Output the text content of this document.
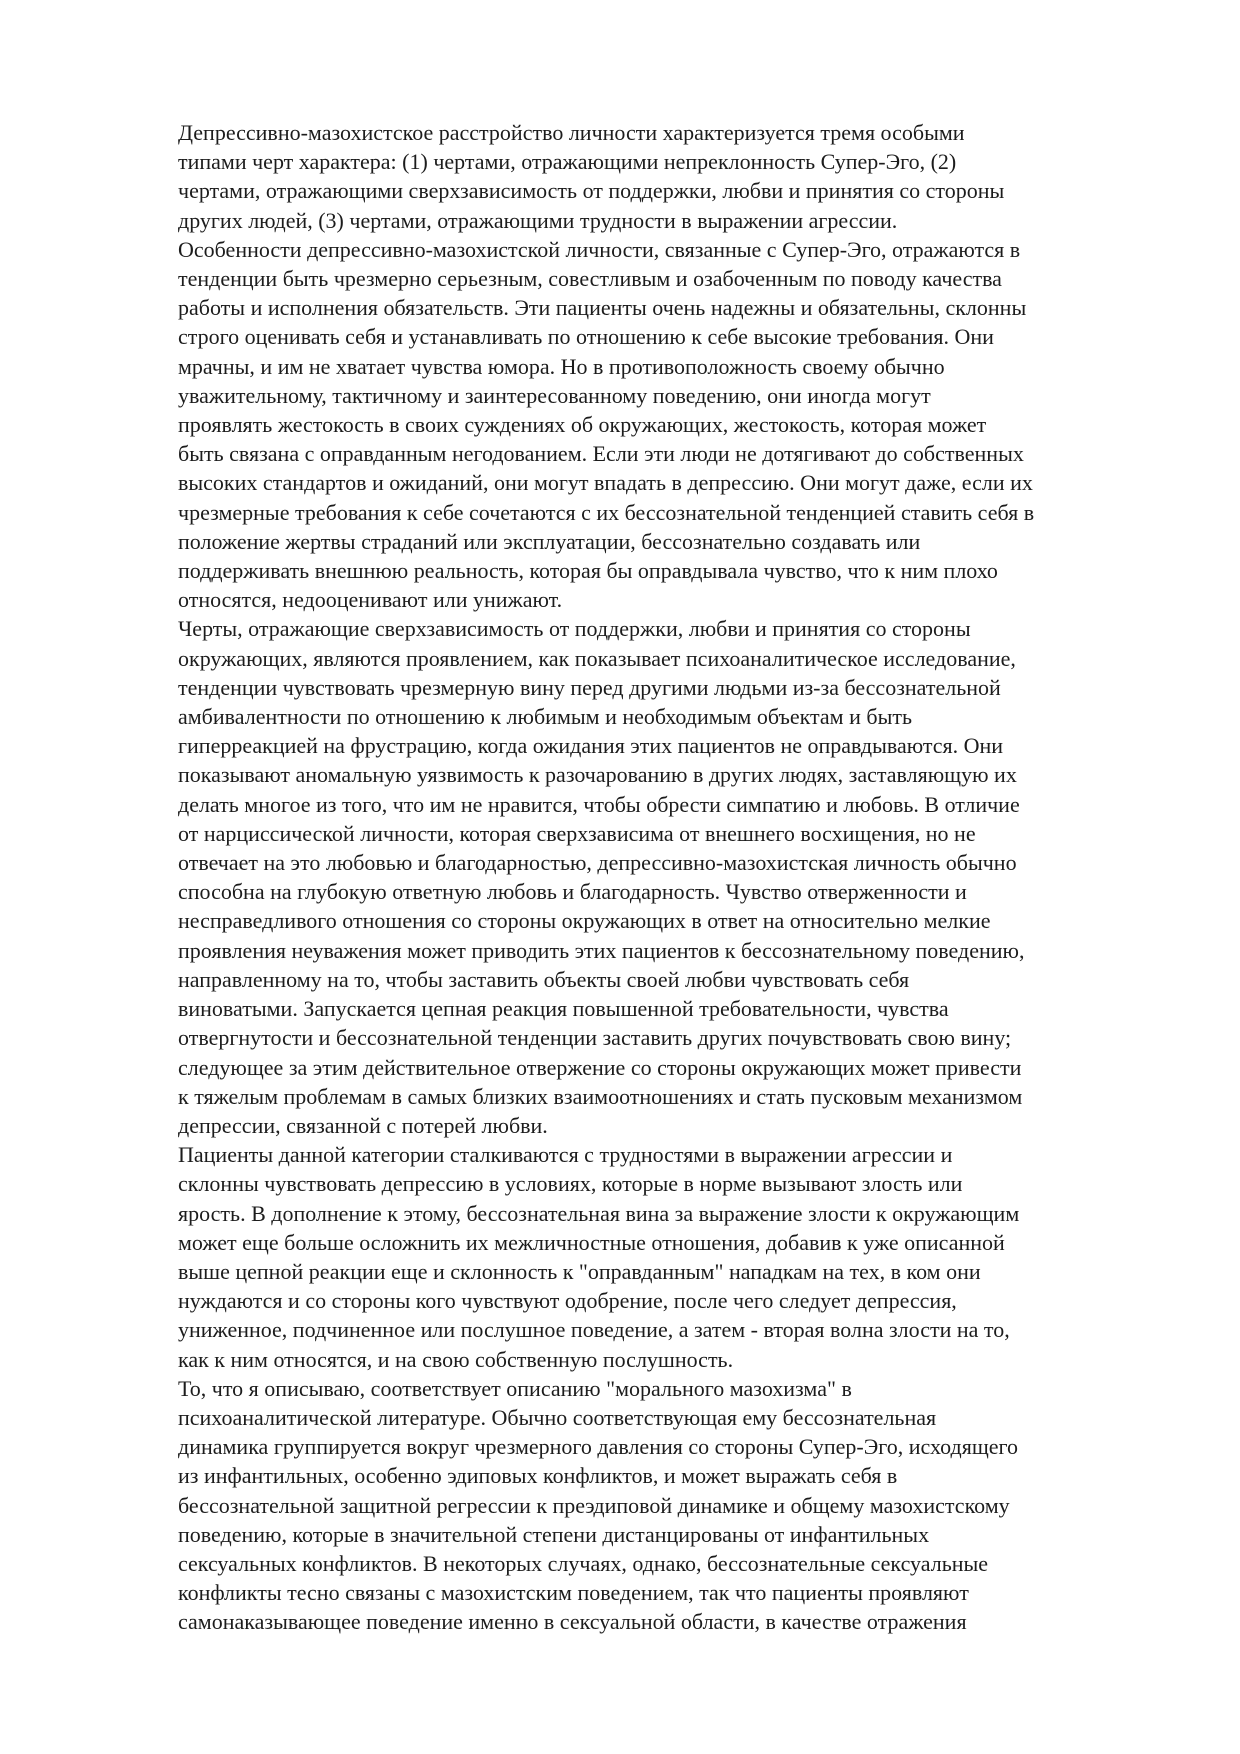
Депрессивно-мазохистское расстройство личности характеризуется тремя особыми
типами черт характера: (1) чертами, отражающими непреклонность Супер-Эго, (2)
чертами, отражающими сверхзависимость от поддержки, любви и принятия со стороны
других людей, (3) чертами, отражающими трудности в выражении агрессии.
Особенности депрессивно-мазохистской личности, связанные с Супер-Эго, отражаются в
тенденции быть чрезмерно серьезным, совестливым и озабоченным по поводу качества
работы и исполнения обязательств. Эти пациенты очень надежны и обязательны, склонны
строго оценивать себя и устанавливать по отношению к себе высокие требования. Они
мрачны, и им не хватает чувства юмора. Но в противоположность своему обычно
уважительному, тактичному и заинтересованному поведению, они иногда могут
проявлять жестокость в своих суждениях об окружающих, жестокость, которая может
быть связана с оправданным негодованием. Если эти люди не дотягивают до собственных
высоких стандартов и ожиданий, они могут впадать в депрессию. Они могут даже, если их
чрезмерные требования к себе сочетаются с их бессознательной тенденцией ставить себя в
положение жертвы страданий или эксплуатации, бессознательно создавать или
поддерживать внешнюю реальность, которая бы оправдывала чувство, что к ним плохо
относятся, недооценивают или унижают.
Черты, отражающие сверхзависимость от поддержки, любви и принятия со стороны
окружающих, являются проявлением, как показывает психоаналитическое исследование,
тенденции чувствовать чрезмерную вину перед другими людьми из-за бессознательной
амбивалентности по отношению к любимым и необходимым объектам и быть
гиперреакцией на фрустрацию, когда ожидания этих пациентов не оправдываются. Они
показывают аномальную уязвимость к разочарованию в других людях, заставляющую их
делать многое из того, что им не нравится, чтобы обрести симпатию и любовь. В отличие
от нарциссической личности, которая сверхзависима от внешнего восхищения, но не
отвечает на это любовью и благодарностью, депрессивно-мазохистская личность обычно
способна на глубокую ответную любовь и благодарность. Чувство отверженности и
несправедливого отношения со стороны окружающих в ответ на относительно мелкие
проявления неуважения может приводить этих пациентов к бессознательному поведению,
направленному на то, чтобы заставить объекты своей любви чувствовать себя
виноватыми. Запускается цепная реакция повышенной требовательности, чувства
отвергнутости и бессознательной тенденции заставить других почувствовать свою вину;
следующее за этим действительное отвержение со стороны окружающих может привести
к тяжелым проблемам в самых близких взаимоотношениях и стать пусковым механизмом
депрессии, связанной с потерей любви.
Пациенты данной категории сталкиваются с трудностями в выражении агрессии и
склонны чувствовать депрессию в условиях, которые в норме вызывают злость или
ярость. В дополнение к этому, бессознательная вина за выражение злости к окружающим
может еще больше осложнить их межличностные отношения, добавив к уже описанной
выше цепной реакции еще и склонность к "оправданным" нападкам на тех, в ком они
нуждаются и со стороны кого чувствуют одобрение, после чего следует депрессия,
униженное, подчиненное или послушное поведение, а затем - вторая волна злости на то,
как к ним относятся, и на свою собственную послушность.
То, что я описываю, соответствует описанию "морального мазохизма" в
психоаналитической литературе. Обычно соответствующая ему бессознательная
динамика группируется вокруг чрезмерного давления со стороны Супер-Эго, исходящего
из инфантильных, особенно эдиповых конфликтов, и может выражать себя в
бессознательной защитной регрессии к преэдиповой динамике и общему мазохистскому
поведению, которые в значительной степени дистанцированы от инфантильных
сексуальных конфликтов. В некоторых случаях, однако, бессознательные сексуальные
конфликты тесно связаны с мазохистским поведением, так что пациенты проявляют
самонаказывающее поведение именно в сексуальной области, в качестве отражения
